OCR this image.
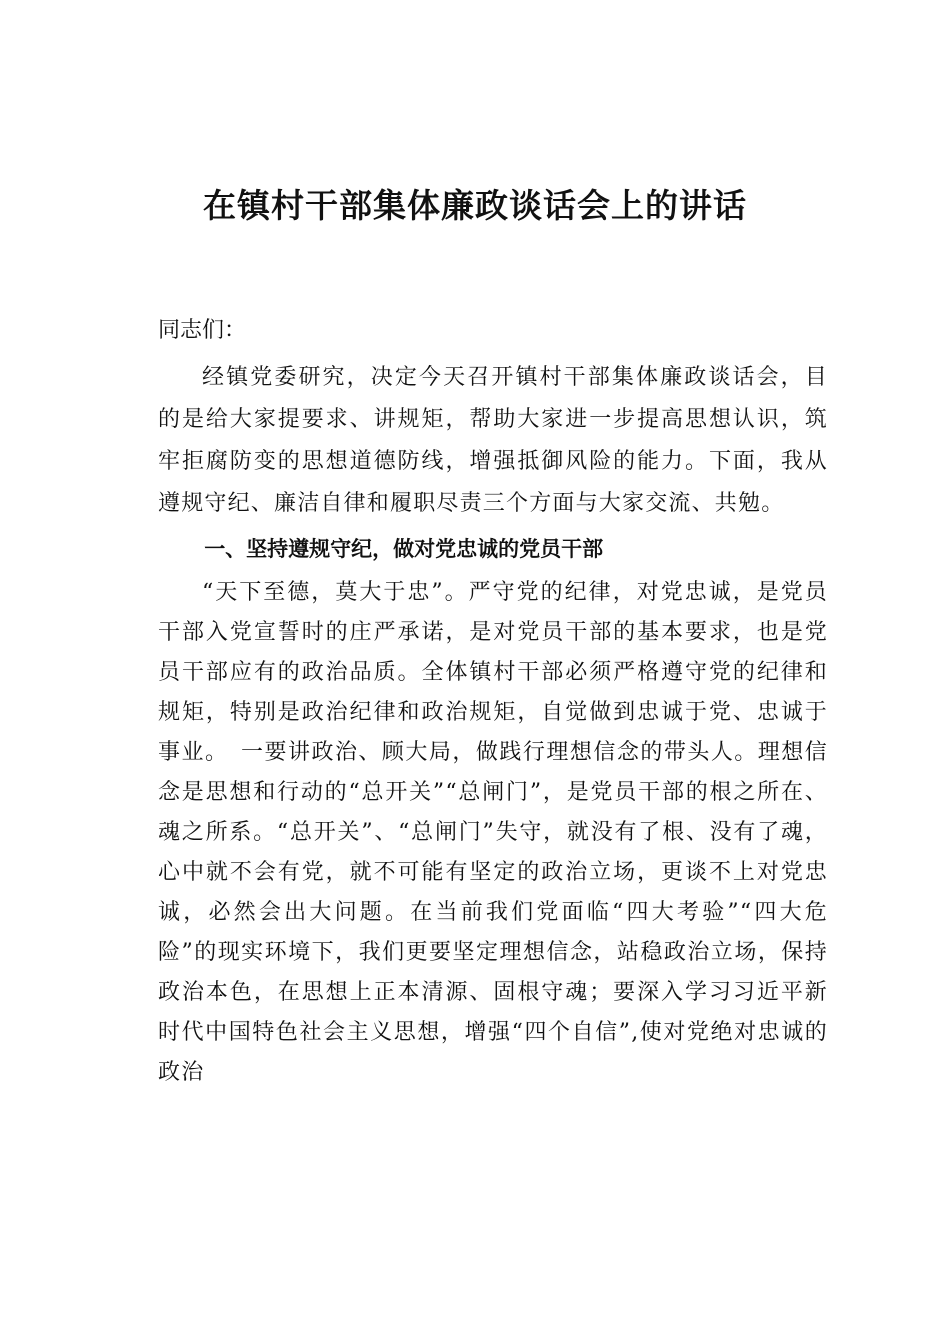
在镇村干部集体廉政谈话会上的讲话

同志们：

经镇党委研究，决定今天召开镇村干部集体廉政谈话会，目的是给大家提要求、讲规矩，帮助大家进一步提高思想认识，筑牢拒腐防变的思想道德防线，增强抵御风险的能力。下面，我从遵规守纪、廉洁自律和履职尽责三个方面与大家交流、共勉。

一、坚持遵规守纪，做对党忠诚的党员干部

“天下至德，莫大于忠”。严守党的纪律，对党忠诚，是党员干部入党宣誓时的庄严承诺，是对党员干部的基本要求，也是党员干部应有的政治品质。全体镇村干部必须严格遵守党的纪律和规矩，特别是政治纪律和政治规矩，自觉做到忠诚于党、忠诚于事业。　一要讲政治、顾大局，做践行理想信念的带头人。理想信念是思想和行动的“总开关”“总闸门”，是党员干部的根之所在、魂之所系。“总开关”、“总闸门”失守，就没有了根、没有了魂，心中就不会有党，就不可能有坚定的政治立场，更谈不上对党忠诚，必然会出大问题。在当前我们党面临“四大考验”“四大危险”的现实环境下，我们更要坚定理想信念，站稳政治立场，保持政治本色，在思想上正本清源、固根守魂；要深入学习习近平新时代中国特色社会主义思想，增强“四个自信”,使对党绝对忠诚的政治
